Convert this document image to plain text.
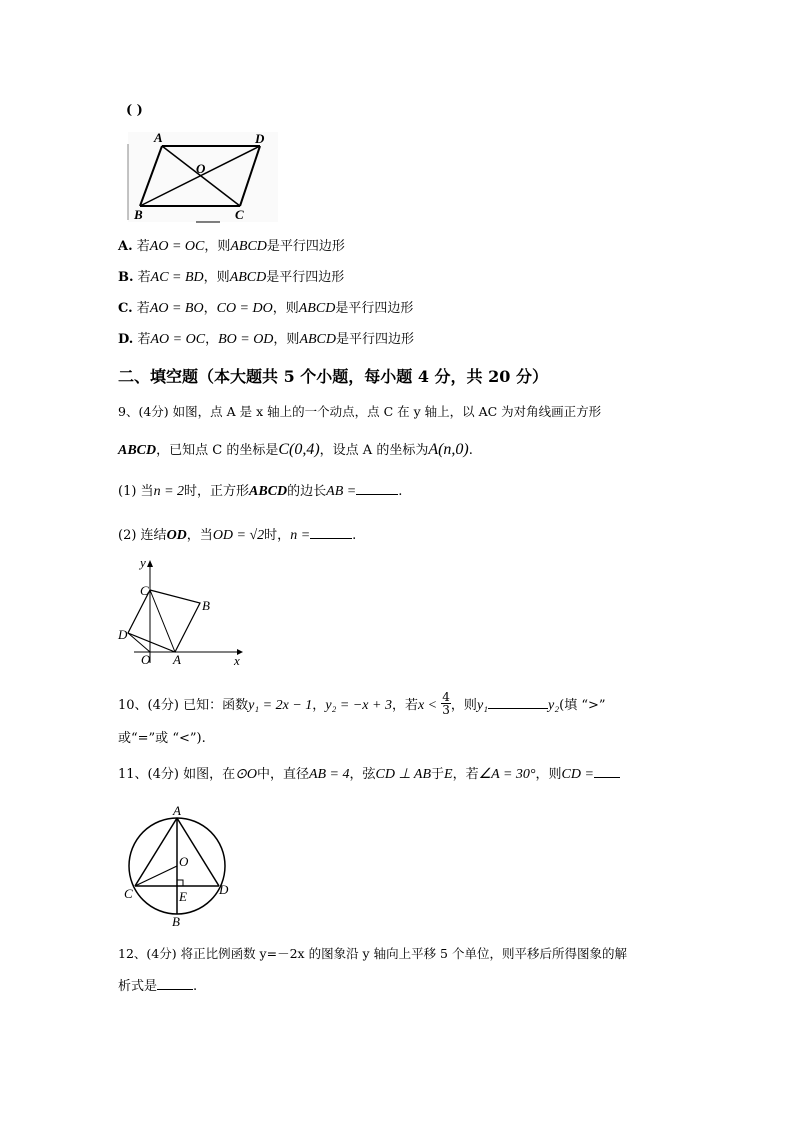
( )
A	D
O
B	C
A. 若AO = OC，则ABCD是平行四边形
B. 若AC = BD，则ABCD是平行四边形
C. 若AO = BO，CO = DO，则ABCD是平行四边形
D. 若AO = OC，BO = OD，则ABCD是平行四边形
二、填空题（本大题共 5 个小题，每小题 4 分，共 20 分）
9、(4分) 如图，点 A 是 x 轴上的一个动点，点 C 在 y 轴上，以 AC 为对角线画正方形
ABCD，已知点 C 的坐标是C(0,4)，设点 A 的坐标为A(n,0).
(1) 当n = 2时，正方形ABCD的边长AB =	.
(2) 连结OD，当OD = √2时，n =	.
y
C
B
D
O A	x
10、(4分) 已知：函数y₁ = 2x − 1，y₂ = −x + 3，若$x < \frac{4}{3}$ ，则y₁	y₂(填 “>”
或“=”或 “<”).
11、(4分) 如图，在⊙O中，直径AB = 4，弦CD ⊥ AB于E，若∠A = 30°，则CD =
A
O
C	E D
B
12、(4分) 将正比例函数 y=－2x 的图象沿 y 轴向上平移 5 个单位，则平移后所得图象的解
析式是	.
